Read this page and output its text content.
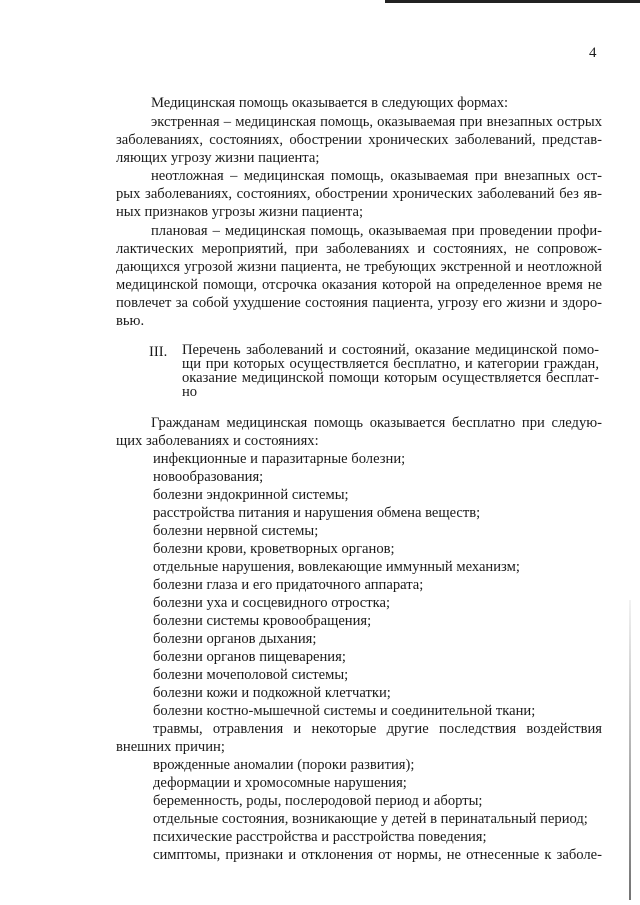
4
Медицинская помощь оказывается в следующих формах:
экстренная – медицинская помощь, оказываемая при внезапных острых
заболеваниях, состояниях, обострении хронических заболеваний, представ-
ляющих угрозу жизни пациента;
неотложная – медицинская помощь, оказываемая при внезапных ост-
рых заболеваниях, состояниях, обострении хронических заболеваний без яв-
ных признаков угрозы жизни пациента;
плановая – медицинская помощь, оказываемая при проведении профи-
лактических мероприятий, при заболеваниях и состояниях, не сопровож-
дающихся угрозой жизни пациента, не требующих экстренной и неотложной
медицинской помощи, отсрочка оказания которой на определенное время не
повлечет за собой ухудшение состояния пациента, угрозу его жизни и здоро-
вью.
III. Перечень заболеваний и состояний, оказание медицинской помо-
щи при которых осуществляется бесплатно, и категории граждан,
оказание медицинской помощи которым осуществляется бесплат-
но
Гражданам медицинская помощь оказывается бесплатно при следую-
щих заболеваниях и состояниях:
инфекционные и паразитарные болезни;
новообразования;
болезни эндокринной системы;
расстройства питания и нарушения обмена веществ;
болезни нервной системы;
болезни крови, кроветворных органов;
отдельные нарушения, вовлекающие иммунный механизм;
болезни глаза и его придаточного аппарата;
болезни уха и сосцевидного отростка;
болезни системы кровообращения;
болезни органов дыхания;
болезни органов пищеварения;
болезни мочеполовой системы;
болезни кожи и подкожной клетчатки;
болезни костно-мышечной системы и соединительной ткани;
травмы, отравления и некоторые другие последствия воздействия
внешних причин;
врожденные аномалии (пороки развития);
деформации и хромосомные нарушения;
беременность, роды, послеродовой период и аборты;
отдельные состояния, возникающие у детей в перинатальный период;
психические расстройства и расстройства поведения;
симптомы, признаки и отклонения от нормы, не отнесенные к заболе-
